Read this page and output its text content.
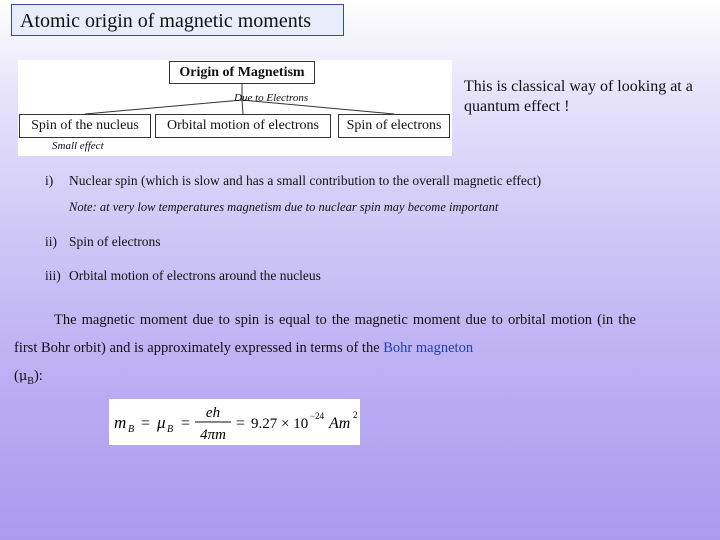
Atomic origin of magnetic moments
Origin of Magnetism
Due to Electrons
Spin of the nucleus	Orbital motion of electrons	Spin of electrons
Small effect
This is classical way of looking at a quantum effect !
i) Nuclear spin (which is slow and has a small contribution to the overall magnetic effect)
Note: at very low temperatures magnetism due to nuclear spin may become important
ii) Spin of electrons
iii) Orbital motion of electrons around the nucleus
The magnetic moment due to spin is equal to the magnetic moment due to orbital motion (in the first Bohr orbit) and is approximately expressed in terms of the Bohr magneton
$(\mu_B)$:
m B = μ B =
eh
4πm
= 9.27 × 10 −24 Am 2
